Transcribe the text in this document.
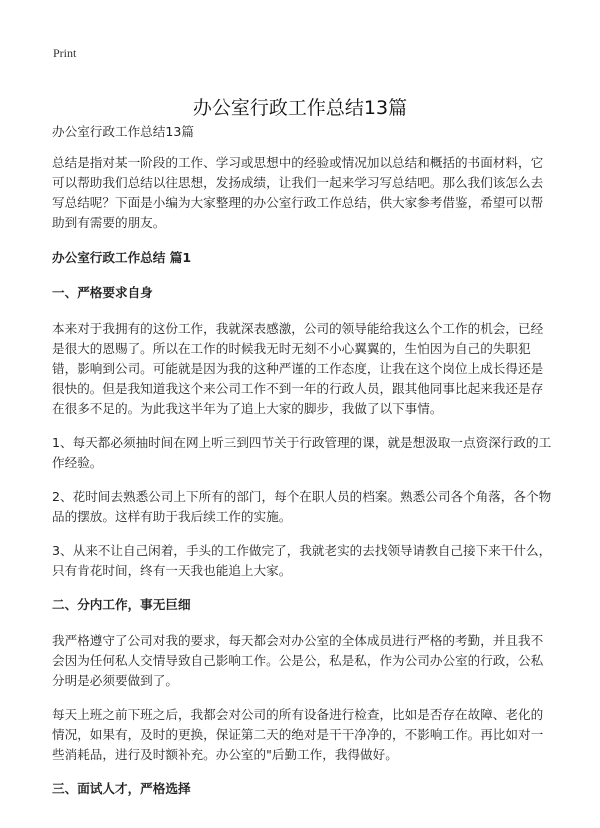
Print
办公室行政工作总结13篇

办公室行政工作总结13篇

总结是指对某一阶段的工作、学习或思想中的经验或情况加以总结和概括的书面材料，它可以帮助我们总结以往思想，发扬成绩，让我们一起来学习写总结吧。那么我们该怎么去写总结呢？下面是小编为大家整理的办公室行政工作总结，供大家参考借鉴，希望可以帮助到有需要的朋友。

办公室行政工作总结 篇1

一、严格要求自身

本来对于我拥有的这份工作，我就深表感激，公司的领导能给我这么个工作的机会，已经是很大的恩赐了。所以在工作的时候我无时无刻不小心翼翼的，生怕因为自己的失职犯错，影响到公司。可能就是因为我的这种严谨的工作态度，让我在这个岗位上成长得还是很快的。但是我知道我这个来公司工作不到一年的行政人员，跟其他同事比起来我还是存在很多不足的。为此我这半年为了追上大家的脚步，我做了以下事情。

1、每天都必须抽时间在网上听三到四节关于行政管理的课，就是想汲取一点资深行政的工作经验。

2、花时间去熟悉公司上下所有的部门，每个在职人员的档案。熟悉公司各个角落，各个物品的摆放。这样有助于我后续工作的实施。

3、从来不让自己闲着，手头的工作做完了，我就老实的去找领导请教自己接下来干什么，只有肯花时间，终有一天我也能追上大家。

二、分内工作，事无巨细

我严格遵守了公司对我的要求，每天都会对办公室的全体成员进行严格的考勤，并且我不会因为任何私人交情导致自己影响工作。公是公，私是私，作为公司办公室的行政，公私分明是必须要做到了。

每天上班之前下班之后，我都会对公司的所有设备进行检查，比如是否存在故障、老化的情况，如果有，及时的更换，保证第二天的绝对是干干净净的，不影响工作。再比如对一些消耗品，进行及时额补充。办公室的"后勤工作，我得做好。

三、面试人才，严格选择
